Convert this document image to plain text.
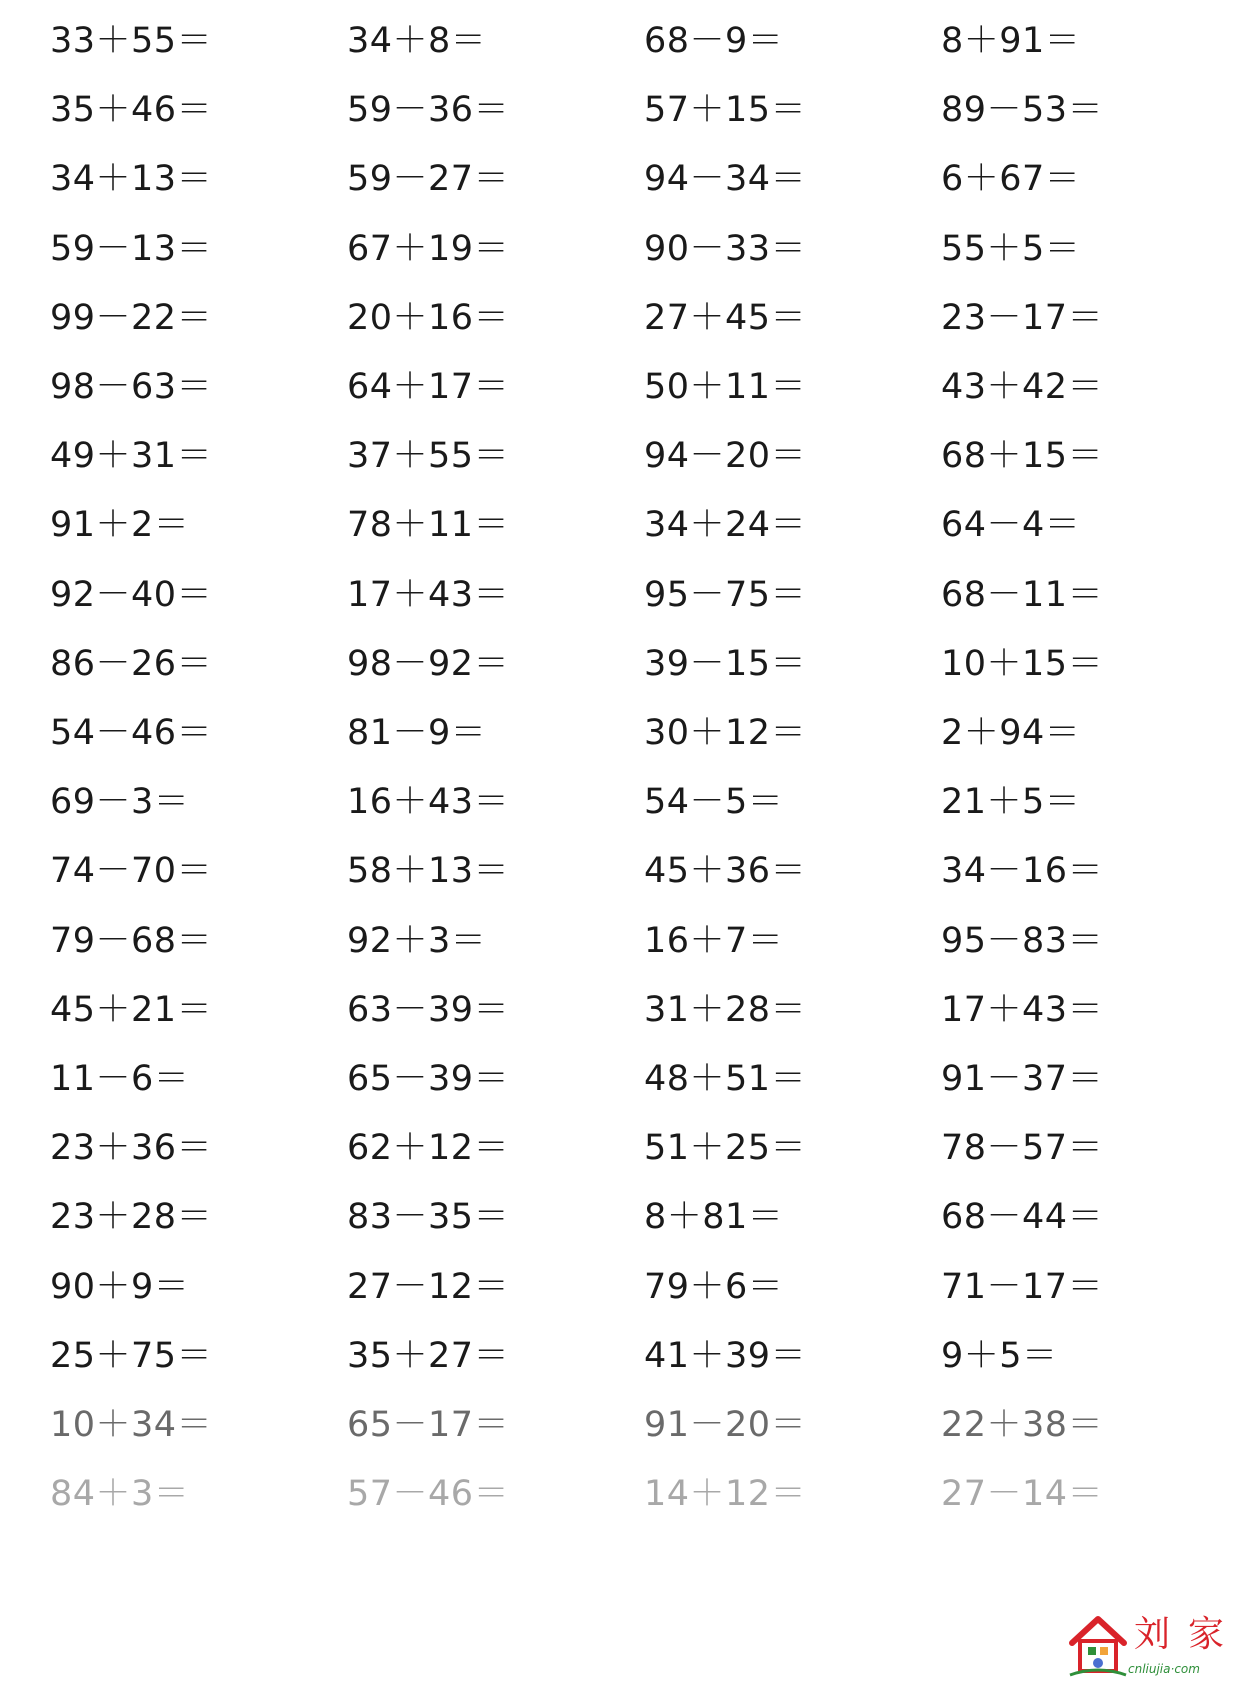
33＋55＝
35＋46＝
34＋13＝
59－13＝
99－22＝
98－63＝
49＋31＝
91＋2＝
92－40＝
86－26＝
54－46＝
69－3＝
74－70＝
79－68＝
45＋21＝
11－6＝
23＋36＝
23＋28＝
90＋9＝
25＋75＝
10＋34＝
84＋3＝
34＋8＝
59－36＝
59－27＝
67＋19＝
20＋16＝
64＋17＝
37＋55＝
78＋11＝
17＋43＝
98－92＝
81－9＝
16＋43＝
58＋13＝
92＋3＝
63－39＝
65－39＝
62＋12＝
83－35＝
27－12＝
35＋27＝
65－17＝
57－46＝
68－9＝
57＋15＝
94－34＝
90－33＝
27＋45＝
50＋11＝
94－20＝
34＋24＝
95－75＝
39－15＝
30＋12＝
54－5＝
45＋36＝
16＋7＝
31＋28＝
48＋51＝
51＋25＝
8＋81＝
79＋6＝
41＋39＝
91－20＝
14＋12＝
8＋91＝
89－53＝
6＋67＝
55＋5＝
23－17＝
43＋42＝
68＋15＝
64－4＝
68－11＝
10＋15＝
2＋94＝
21＋5＝
34－16＝
95－83＝
17＋43＝
91－37＝
78－57＝
68－44＝
71－17＝
9＋5＝
22＋38＝
27－14＝
刘家
cnliujia·com
